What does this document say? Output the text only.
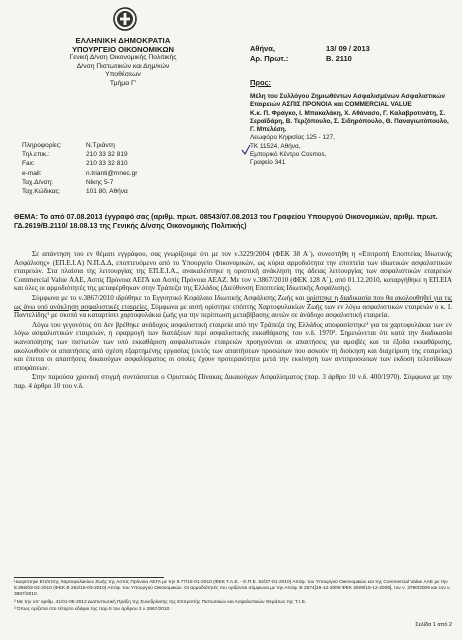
ΕΛΛΗΝΙΚΗ ΔΗΜΟΚΡΑΤΙΑ
ΥΠΟΥΡΓΕΙΟ ΟΙΚΟΝΟΜΙΚΩΝ
Γενική Δ/νση Οικονομικής Πολιτικής
Δ/νση Πιστωτικών και Δημ/κών
Υποθέσεων
Τμήμα Γ'
Πληροφορίες:	Ν.Τριάντη
Τηλ.επικ.:	210 33 32 819
Fax:	210 33 32 810
e-mail:	n.trianti@mnec.gr
Ταχ.Δ/νση:	Νίκης 5-7
Ταχ.Κώδικας:	101 80, Αθήνα
Αθήνα,	13/ 09 / 2013
Αρ. Πρωτ.:	Β. 2110
Προς:
Μέλη του Συλλόγου Ζημιωθέντων Ασφαλισμένων Ασφαλιστικών Εταιρειών ΑΣΠΙΣ ΠΡΟΝΟΙΑ και COMMERCIAL VALUE
Κ.κ. Π. Φράγκο, Ι. Μπακαλάκη, Χ. Αθάνασο, Γ. Καλαβροτινάτη, Σ. Σεραϊδάρη, Β. Τερζόπουλο, Σ. Σιδηρόπουλο, Θ. Παναγιωτόπουλο, Γ. Μπελέση.
Λεωφόρο Κηφισίας 125 - 127,
ΤΚ 11524, Αθήνα,
Εμπορικό Κέντρο Cosmos,
Γραφείο 341
ΘΕΜΑ: Το από 07.08.2013 έγγραφό σας (αριθμ. πρωτ. 08543/07.08.2013 του Γραφείου Υπουργού Οικονομικών, αριθμ. πρωτ. ΓΔ.2619/Β.2110/ 18.08.13 της Γενικής Δ/νσης Οικονομικής Πολιτικής)

Σε απάντηση του εν θέματι εγγράφου, σας γνωρίζουμε ότι με τον ν.3229/2004 (ΦΕΚ 38 Α΄), συνεστήθη η «Επιτροπή Εποπτείας Ιδιωτικής Ασφάλισης» (ΕΠ.Ε.Ι.Α) Ν.Π.Δ.Δ, εποπτευόμενο από το Υπουργείο Οικονομικών, ως κύρια αρμοδιότητα την εποπτεία των ιδιωτικών ασφαλιστικών εταιρειών. Στα πλαίσια της λειτουργίας της ΕΠ.Ε.Ι.Α., ανακαλέστηκε η οριστική ανάκληση της άδειας λειτουργίας των ασφαλιστικών εταιρειών Commercial Value ΑΑΕ, Ασπίς Πρόνοια ΑΕΓΑ και Ασπίς Πρόνοια ΑΕΑΖ. Με τον ν.3867/2010 (ΦΕΚ 128 Α΄), από 01.12.2010, καταργήθηκε η ΕΠ.ΕΙΑ και όλες οι αρμοδιότητές της μεταφέρθηκαν στην Τράπεζα της Ελλάδος (Διεύθυνση Εποπτείας Ιδιωτικής Ασφάλισης).

Σύμφωνα με το ν.3867/2010 ιδρύθηκε το Εγγυητικό Κεφάλαιο Ιδιωτικής Ασφάλισης Ζωής και ορίστηκε η διαδικασία που θα ακολουθηθεί για τις ως άνω υπό ανάκληση ασφαλιστικές εταιρείες. Σύμφωνα με αυτή ορίστηκε επόπτης Χαρτοφυλακίων Ζωής των εν λόγω ασφαλιστικών εταιρειών ο κ. Ι. Παντελίδης¹ με σκοπό να καταρτίσει χαρτοφυλάκια ζωής για την περίπτωση μεταβίβασης αυτών σε άνάδοχο ασφαλιστική εταιρεία.

Λόγω του γεγονότος ότι δεν βρέθηκε ανάδοχος ασφαλιστική εταιρεία από την Τράπεζα της Ελλάδος αποφασίστηκε² για τα χαρτοφυλάκια των εν λόγω ασφαλιστικών εταιρειών, η εφαρμογή των διατάξεων περί ασφαλιστικής εκκαθάρισης του ν.δ. 1970³. Σημειώνεται ότι κατά την διαδικασία ικανοποίησης των πιστωτών των υπό εκκαθάριση ασφαλιστικών εταιρειών προηγούνται οι απαιτήσεις για αμοιβές και τα έξοδα εκκαθάρισης, ακολουθούν οι απαιτήσεις από σχέση εξαρτημένης εργασίας (εκτός των απαιτήσεων προσώπων που ασκούν τη διοίκηση και διαχείριση της εταιρείας) και έπειτα οι απαιτήσεις δικαιούχων ασφαλίσματος οι οποίες έχουν προτεραιότητα μετά την εκκίνηση των αντιπροσώπων των εκδοση τελεσίδικων αποφάσεων.

Στην παρούσα χρονική στιγμή συντάσσεται ο Οριστικός Πίνακας Δικαιούχων Ασφαλίσματος (παρ. 3 άρθρο 10 ν.δ. 400/1970). Σύμφωνα με την παρ. 4 άρθρο 10 του ν.δ.

¹Διορίστηκε Επόπτης Χαρτοφυλακίων Ζωής της Ασπίς Πρόνοια ΑΕΓΑ με την 8.77/15-01-2010 (ΦΕΚ Τ.Α.Ε. - Ε.Π.Ε. 62/27-01-2010) Απόφ. του Υπουργού Οικονομικών και της Commercial Value ΑΑΕ με την 8.355/03-03-2010 (ΦΕΚ Β 262/15-03-2010) Απόφ. του Υπουργού Οικονομικών. Οι αρμοδιότητές του ορίζονται σύμφωνα με την Απόφ. Β 2574[16-12-2009 ΦΕΚ 2509/18-12-2009], τον ν. 3790/2009 και τον ν. 3867/2010.

² Με την υπ' αριθμ. 41/01-06-2012 Διαπιστωτική Πράξη της Συνεδρίασης της Επιτροπής Πιστωτικών και Ασφαλιστικών Θεμάτων της Τ.τ.Ε.

³ Όπως ορίζεται στο τέταρτο εδάφιο της παρ.5 του άρθρου 2 ν.3867/2010.

Σελίδα 1 από 2
